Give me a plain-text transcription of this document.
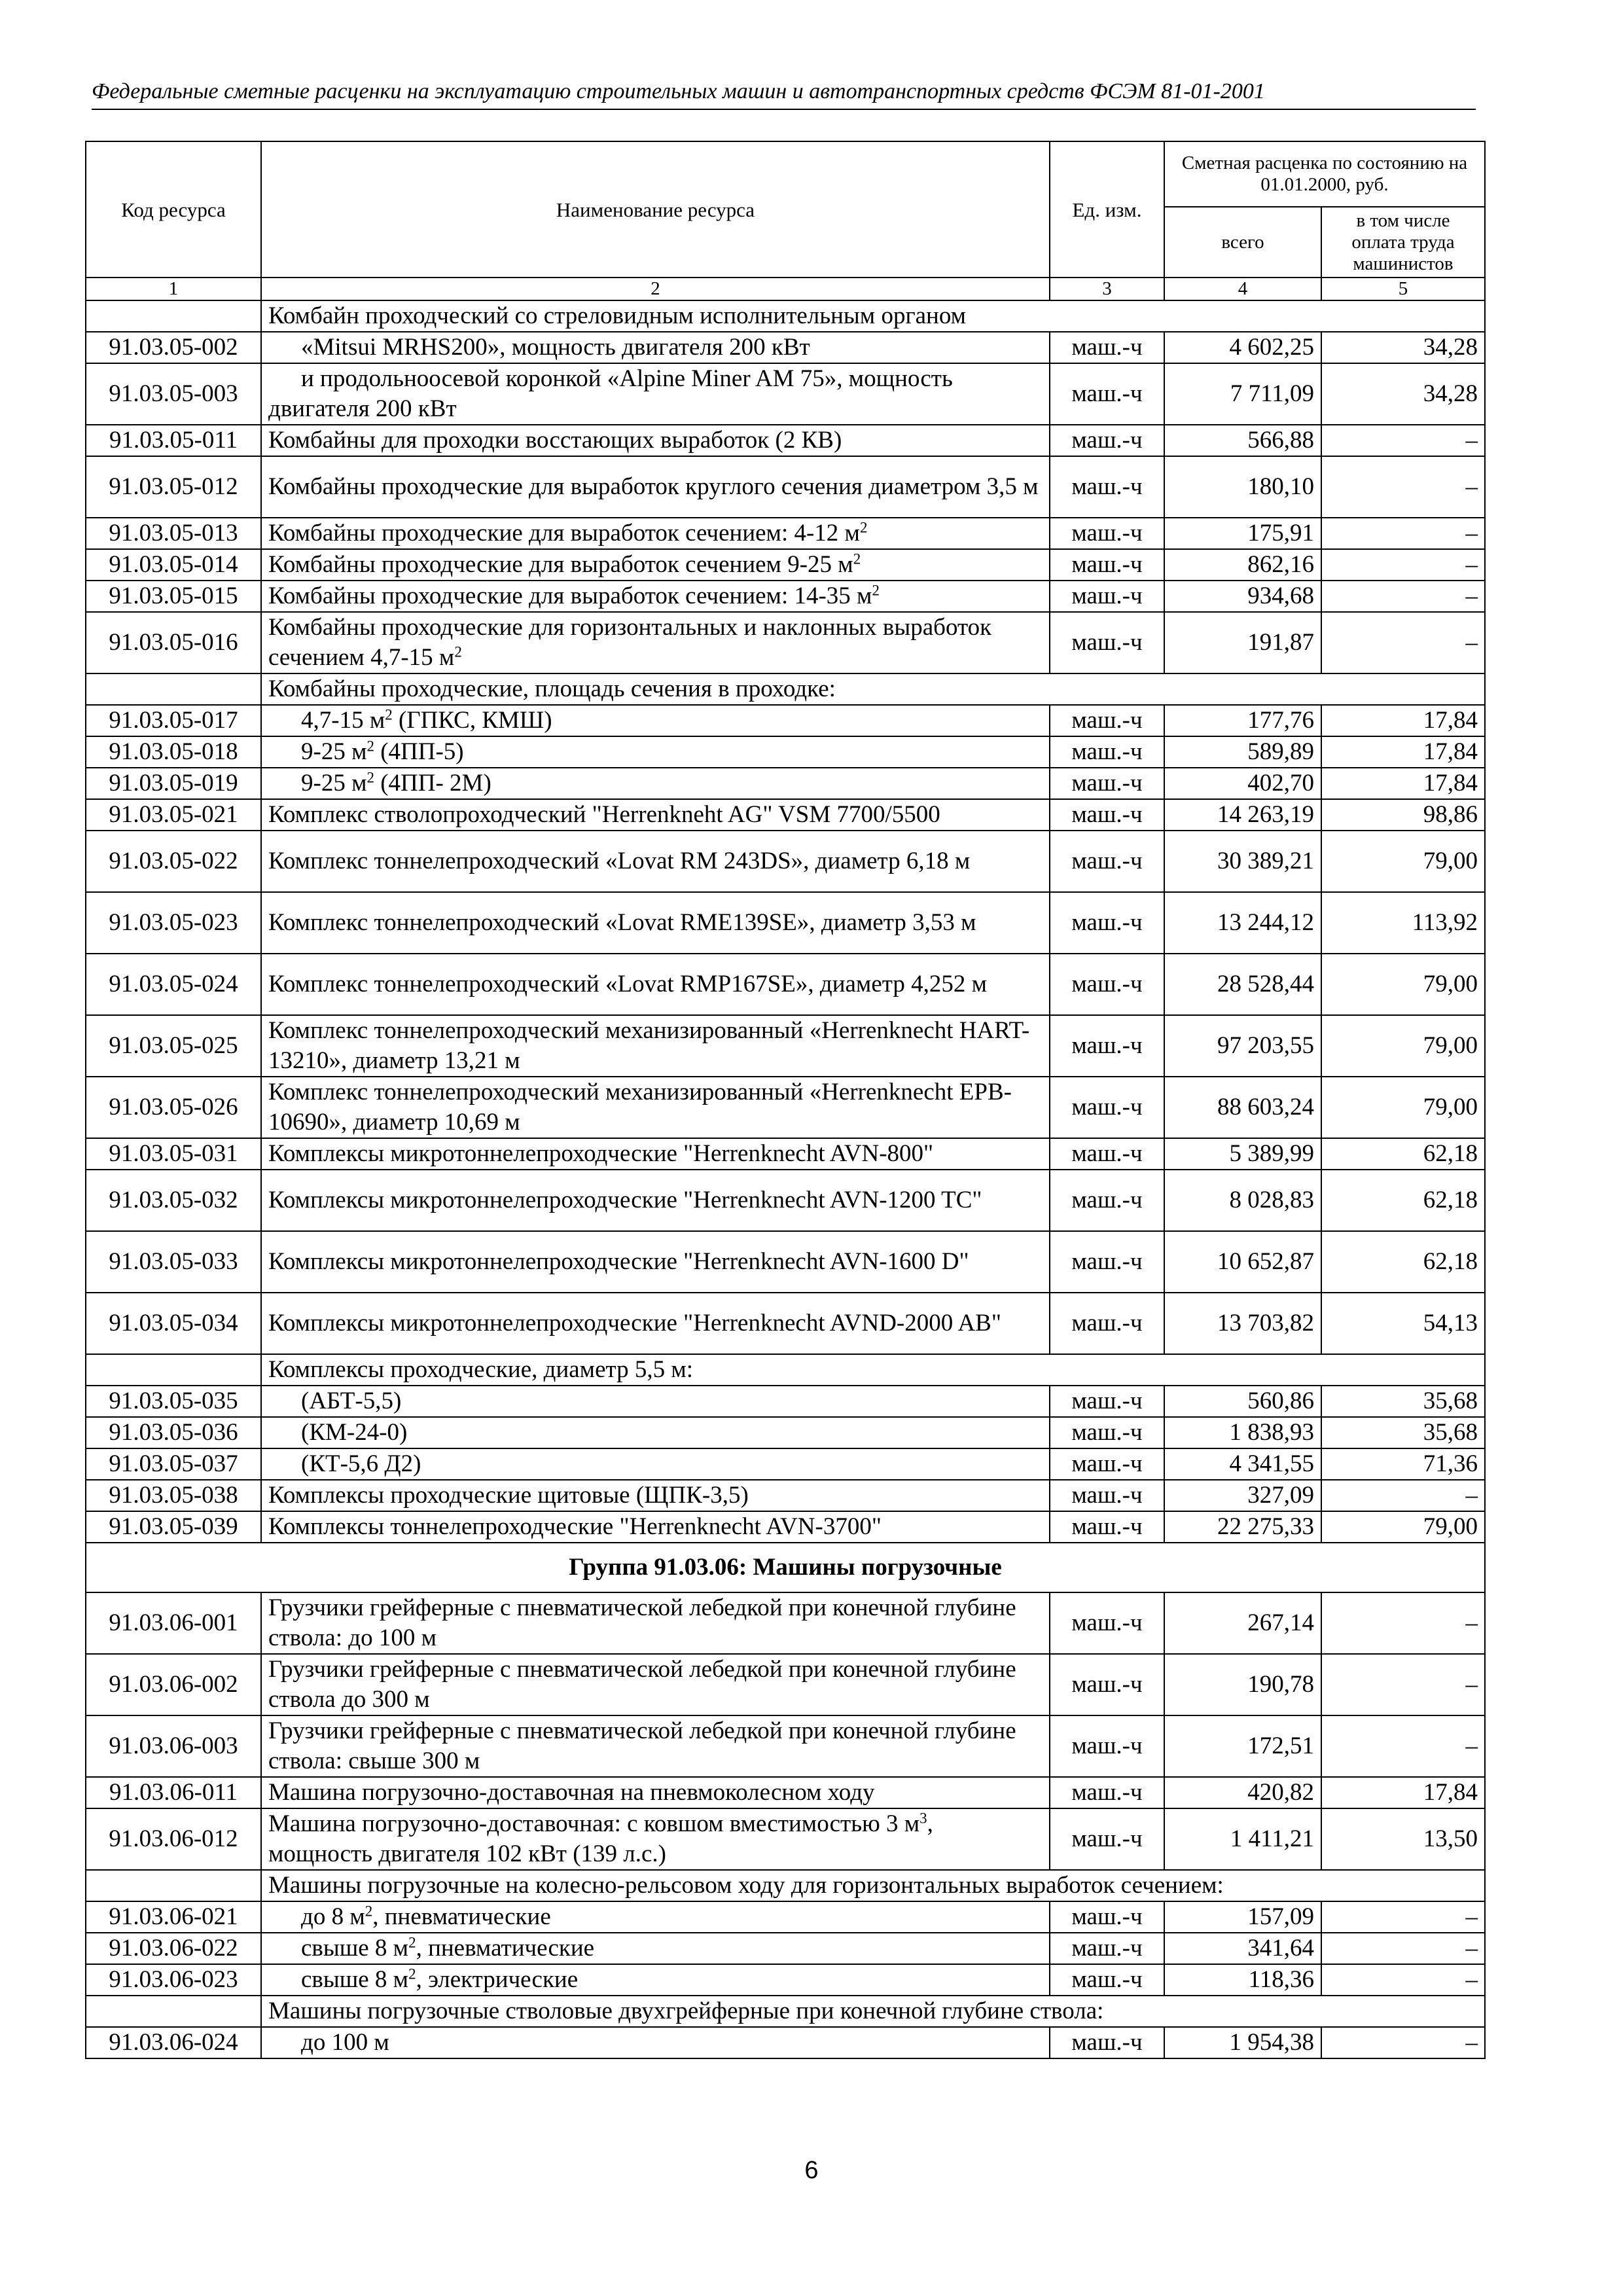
Федеральные сметные расценки на эксплуатацию строительных машин и автотранспортных средств ФСЭМ 81-01-2001
Код ресурса	Наименование ресурса	Ед. изм.	Сметная расценка по состоянию на 01.01.2000, руб.	
			всего	в том числе оплата труда машинистов
1	2	3	4	5
	Комбайн проходческий со стреловидным исполнительным органом			
91.03.05-002	«Mitsui MRHS200», мощность двигателя 200 кВт	маш.-ч	4 602,25	34,28
91.03.05-003	и продольноосевой коронкой «Alpine Miner AM 75», мощность двигателя 200 кВт	маш.-ч	7 711,09	34,28
91.03.05-011	Комбайны для проходки восстающих выработок (2 КВ)	маш.-ч	566,88	–
91.03.05-012	Комбайны проходческие для выработок круглого сечения диаметром 3,5 м	маш.-ч	180,10	–
91.03.05-013	Комбайны проходческие для выработок сечением: 4-12 $м^2$	маш.-ч	175,91	–
91.03.05-014	Комбайны проходческие для выработок сечением 9-25 $м^2$	маш.-ч	862,16	–
91.03.05-015	Комбайны проходческие для выработок сечением: 14-35 $м^2$	маш.-ч	934,68	–
91.03.05-016	Комбайны проходческие для горизонтальных и наклонных выработок сечением 4,7-15 $м^2$	маш.-ч	191,87	–
	Комбайны проходческие, площадь сечения в проходке:			
91.03.05-017	4,7-15 $м^2$ (ГПКС, КМШ)	маш.-ч	177,76	17,84
91.03.05-018	9-25 $м^2$ (4ПП-5)	маш.-ч	589,89	17,84
91.03.05-019	9-25 $м^2$ (4ПП- 2М)	маш.-ч	402,70	17,84
91.03.05-021	Комплекс стволопроходческий "Herrenkneht AG" VSM 7700/5500	маш.-ч	14 263,19	98,86
91.03.05-022	Комплекс тоннелепроходческий «Lovat RM 243DS», диаметр 6,18 м	маш.-ч	30 389,21	79,00
91.03.05-023	Комплекс тоннелепроходческий «Lovat RME139SE», диаметр 3,53 м	маш.-ч	13 244,12	113,92
91.03.05-024	Комплекс тоннелепроходческий «Lovat RMP167SE», диаметр 4,252 м	маш.-ч	28 528,44	79,00
91.03.05-025	Комплекс тоннелепроходческий механизированный «Herrenknecht HART-13210», диаметр 13,21 м	маш.-ч	97 203,55	79,00
91.03.05-026	Комплекс тоннелепроходческий механизированный «Herrenknecht EPB-10690», диаметр 10,69 м	маш.-ч	88 603,24	79,00
91.03.05-031	Комплексы микротоннелепроходческие "Herrenknecht AVN-800"	маш.-ч	5 389,99	62,18
91.03.05-032	Комплексы микротоннелепроходческие "Herrenknecht AVN-1200 TC"	маш.-ч	8 028,83	62,18
91.03.05-033	Комплексы микротоннелепроходческие "Herrenknecht AVN-1600 D"	маш.-ч	10 652,87	62,18
91.03.05-034	Комплексы микротоннелепроходческие "Herrenknecht AVND-2000 AB"	маш.-ч	13 703,82	54,13
	Комплексы проходческие, диаметр 5,5 м:			
91.03.05-035	(АБТ-5,5)	маш.-ч	560,86	35,68
91.03.05-036	(КМ-24-0)	маш.-ч	1 838,93	35,68
91.03.05-037	(КТ-5,6 Д2)	маш.-ч	4 341,55	71,36
91.03.05-038	Комплексы проходческие щитовые (ЩПК-3,5)	маш.-ч	327,09	–
91.03.05-039	Комплексы тоннелепроходческие "Herrenknecht AVN-3700"	маш.-ч	22 275,33	79,00
Группа 91.03.06: Машины погрузочные				
91.03.06-001	Грузчики грейферные с пневматической лебедкой при конечной глубине ствола: до 100 м	маш.-ч	267,14	–
91.03.06-002	Грузчики грейферные с пневматической лебедкой при конечной глубине ствола до 300 м	маш.-ч	190,78	–
91.03.06-003	Грузчики грейферные с пневматической лебедкой при конечной глубине ствола: свыше 300 м	маш.-ч	172,51	–
91.03.06-011	Машина погрузочно-доставочная на пневмоколесном ходу	маш.-ч	420,82	17,84
91.03.06-012	Машина погрузочно-доставочная: с ковшом вместимостью 3 $м^3$, мощность двигателя 102 кВт (139 л.с.)	маш.-ч	1 411,21	13,50
	Машины погрузочные на колесно-рельсовом ходу для горизонтальных выработок сечением:			
91.03.06-021	до 8 $м^2$, пневматические	маш.-ч	157,09	–
91.03.06-022	свыше 8 $м^2$, пневматические	маш.-ч	341,64	–
91.03.06-023	свыше 8 $м^2$, электрические	маш.-ч	118,36	–
	Машины погрузочные стволовые двухгрейферные при конечной глубине ствола:			
91.03.06-024	до 100 м	маш.-ч	1 954,38	–
6
